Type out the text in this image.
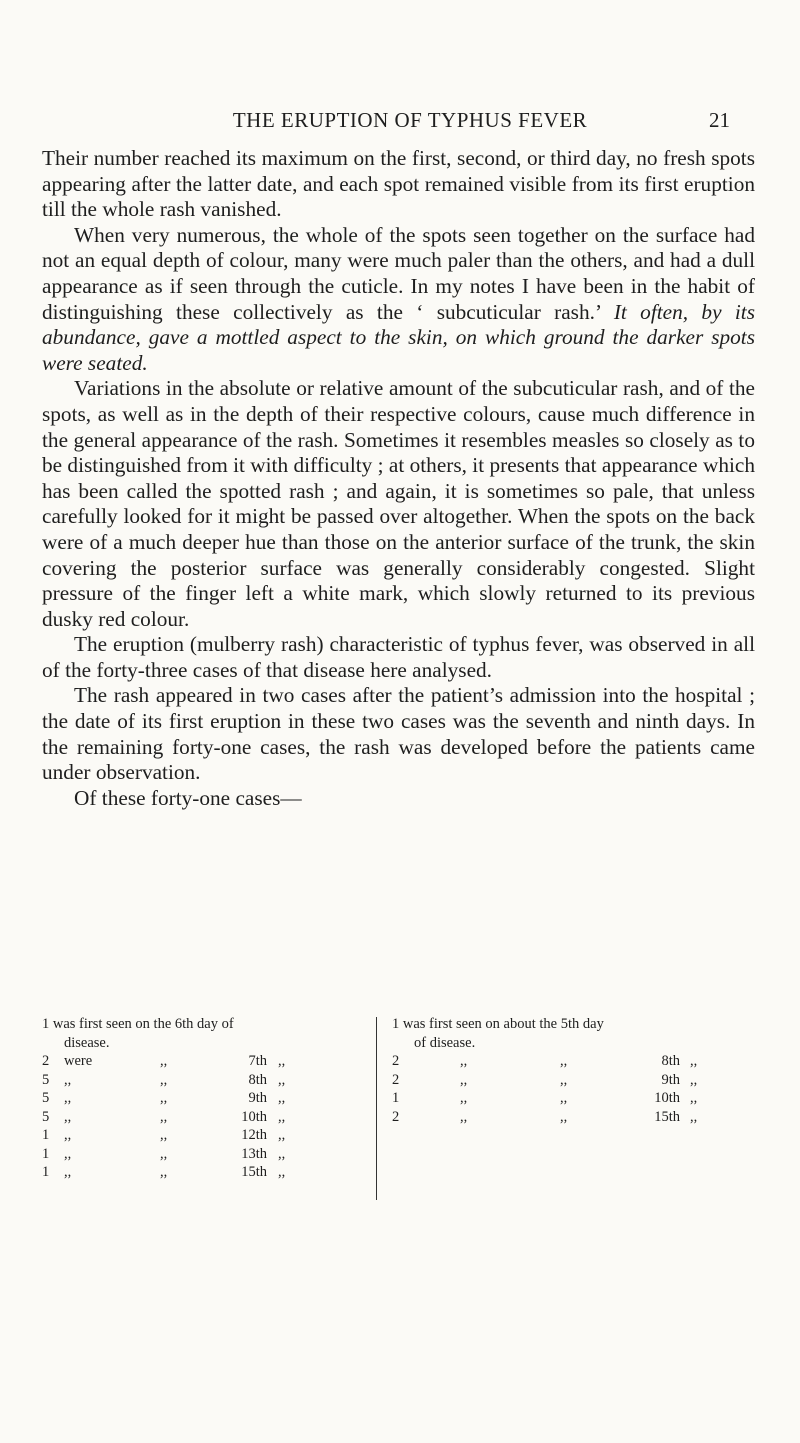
THE ERUPTION OF TYPHUS FEVER	21

Their number reached its maximum on the first, second, or third day, no fresh spots appearing after the latter date, and each spot remained visible from its first eruption till the whole rash vanished.

When very numerous, the whole of the spots seen together on the surface had not an equal depth of colour, many were much paler than the others, and had a dull appearance as if seen through the cuticle. In my notes I have been in the habit of distinguishing these collectively as the ‘ subcuticular rash.’ It often, by its abundance, gave a mottled aspect to the skin, on which ground the darker spots were seated.

Variations in the absolute or relative amount of the subcuticular rash, and of the spots, as well as in the depth of their respective colours, cause much difference in the general appearance of the rash. Sometimes it resembles measles so closely as to be distinguished from it with difficulty ; at others, it presents that appearance which has been called the spotted rash ; and again, it is sometimes so pale, that unless carefully looked for it might be passed over altogether. When the spots on the back were of a much deeper hue than those on the anterior surface of the trunk, the skin covering the posterior surface was generally considerably congested. Slight pressure of the finger left a white mark, which slowly returned to its previous dusky red colour.

The eruption (mulberry rash) characteristic of typhus fever, was observed in all of the forty-three cases of that disease here analysed.

The rash appeared in two cases after the patient’s admission into the hospital ; the date of its first eruption in these two cases was the seventh and ninth days. In the remaining forty-one cases, the rash was developed before the patients came under observation.

Of these forty-one cases—

1 was first seen on the 6th day of
disease.
2 were	,,	7th ,,
5 ,,	,,	8th ,,
5 ,,	,,	9th ,,
5 ,,	,,	10th ,,
1 ,,	,,	12th ,,
1 ,,	,,	13th ,,
1 ,,	,,	15th ,,
1 was first seen on about the 5th day
of disease.
2	,,	,,	8th ,,
2	,,	,,	9th ,,
1	,,	,,	10th ,,
2	,,	,,	15th ,,
